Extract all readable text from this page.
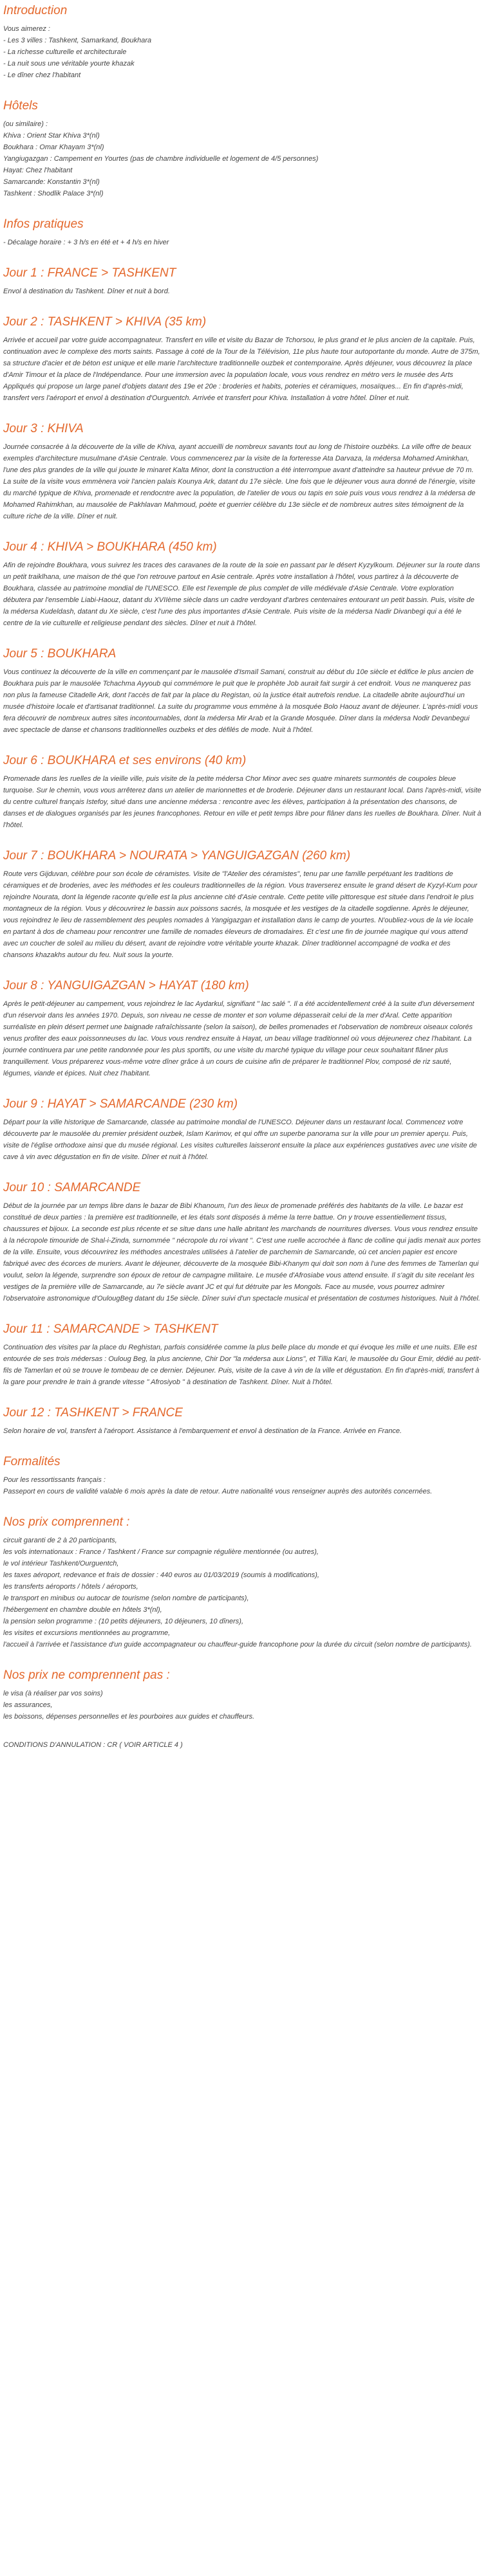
Introduction
Vous aimerez :
- Les 3 villes : Tashkent, Samarkand, Boukhara
- La richesse culturelle et architecturale
- La nuit sous une véritable yourte khazak
- Le dîner chez l'habitant
Hôtels
(ou similaire) :
Khiva : Orient Star Khiva 3*(nl)
Boukhara : Omar Khayam 3*(nl)
Yangiugazgan : Campement en Yourtes (pas de chambre individuelle et logement de 4/5 personnes)
Hayat: Chez l'habitant
Samarcande: Konstantin 3*(nl)
Tashkent : Shodlik Palace 3*(nl)
Infos pratiques
- Décalage horaire : + 3 h/s en été et + 4 h/s en hiver
Jour 1 : FRANCE > TASHKENT

Envol à destination du Tashkent. Dîner et nuit à bord.

Jour 2 : TASHKENT > KHIVA (35 km)

Arrivée et accueil par votre guide accompagnateur. Transfert en ville et visite du Bazar de Tchorsou, le plus grand et le plus ancien de la capitale. Puis, continuation avec le complexe des morts saints. Passage à coté de la Tour de la Télévision, 11e plus haute tour autoportante du monde. Autre de 375m, sa structure d'acier et de béton est unique et elle marie l'architecture traditionnelle ouzbek et contemporaine. Après déjeuner, vous découvrez la place d'Amir Timour et la place de l'Indépendance. Pour une immersion avec la population locale, vous vous rendrez en métro vers le musée des Arts Appliqués qui propose un large panel d'objets datant des 19e et 20e : broderies et habits, poteries et céramiques, mosaïques... En fin d'après-midi, transfert vers l'aéroport et envol à destination d'Ourguentch. Arrivée et transfert pour Khiva. Installation à votre hôtel. Dîner et nuit.

Jour 3 : KHIVA

Journée consacrée à la découverte de la ville de Khiva, ayant accueilli de nombreux savants tout au long de l'histoire ouzbèks. La ville offre de beaux exemples d'architecture musulmane d'Asie Centrale. Vous commencerez par la visite de la forteresse Ata Darvaza, la médersa Mohamed Aminkhan, l'une des plus grandes de la ville qui jouxte le minaret Kalta Minor, dont la construction a été interrompue avant d'atteindre sa hauteur prévue de 70 m.
La suite de la visite vous emmènera voir l'ancien palais Kounya Ark, datant du 17e siècle. Une fois que le déjeuner vous aura donné de l'énergie, visite du marché typique de Khiva, promenade et rendocntre avec la population, de l'atelier de vous ou tapis en soie puis vous vous rendrez à la médersa de Mohamed Rahimkhan, au mausolée de Pakhlavan Mahmoud, poète et guerrier célèbre du 13e siècle et de nombreux autres sites témoignent de la culture riche de la ville. Dîner et nuit.

Jour 4 : KHIVA > BOUKHARA (450 km)

Afin de rejoindre Boukhara, vous suivrez les traces des caravanes de la route de la soie en passant par le désert Kyzylkoum. Déjeuner sur la route dans un petit traiklhana, une maison de thé que l'on retrouve partout en Asie centrale. Après votre installation à l'hôtel, vous partirez à la découverte de Boukhara, classée au patrimoine mondial de l'UNESCO. Elle est l'exemple de plus complet de ville médiévale d'Asie Centrale. Votre exploration débutera par l'ensemble Liabi-Haouz, datant du XVIIème siècle dans un cadre verdoyant d'arbres centenaires entourant un petit bassin. Puis, visite de la médersa Kudeldash, datant du Xe siècle, c'est l'une des plus importantes d'Asie Centrale. Puis visite de la médersa Nadir Divanbegi qui a été le centre de la vie culturelle et religieuse pendant des siècles. Dîner et nuit à l'hôtel.

Jour 5 : BOUKHARA

Vous continuez la découverte de la ville en commençant par le mausolée d'Ismaïl Samani, construit au début du 10e siècle et édifice le plus ancien de Boukhara puis par le mausolée Tchachma Ayyoub qui commémore le puit que le prophète Job aurait fait surgir à cet endroit. Vous ne manquerez pas non plus la fameuse Citadelle Ark, dont l'accès de fait par la place du Registan, où la justice était autrefois rendue. La citadelle abrite aujourd'hui un musée d'histoire locale et d'artisanat traditionnel. La suite du programme vous emmène à la mosquée Bolo Haouz avant de déjeuner. L'après-midi vous fera découvrir de nombreux autres sites incontournables, dont la médersa Mir Arab et la Grande Mosquée. Dîner dans la médersa Nodir Devanbegui avec spectacle de danse et chansons traditionnelles ouzbeks et des défilés de mode. Nuit à l'hôtel.

Jour 6 : BOUKHARA et ses environs (40 km)

Promenade dans les ruelles de la vieille ville, puis visite de la petite médersa Chor Minor avec ses quatre minarets surmontés de coupoles bleue turquoise. Sur le chemin, vous vous arrêterez dans un atelier de marionnettes et de broderie. Déjeuner dans un restaurant local. Dans l'après-midi, visite du centre culturel français Istefoy, situé dans une ancienne médersa : rencontre avec les élèves, participation à la présentation des chansons, de danses et de dialogues organisés par les jeunes francophones. Retour en ville et petit temps libre pour flâner dans les ruelles de Boukhara. Dîner. Nuit à l'hôtel.

Jour 7 : BOUKHARA > NOURATA > YANGUIGAZGAN (260 km)

Route vers Gijduvan, célèbre pour son école de céramistes. Visite de "l'Atelier des céramistes", tenu par une famille perpétuant les traditions de céramiques et de broderies, avec les méthodes et les couleurs traditionnelles de la région. Vous traverserez ensuite le grand désert de Kyzyl-Kum pour rejoindre Nourata, dont la légende raconte qu'elle est la plus ancienne cité d'Asie centrale. Cette petite ville pittoresque est située dans l'endroit le plus montagneux de la région. Vous y découvrirez le bassin aux poissons sacrés, la mosquée et les vestiges de la citadelle sogdienne. Après le déjeuner, vous rejoindrez le lieu de rassemblement des peuples nomades à Yangigazgan et installation dans le camp de yourtes. N'oubliez-vous de la vie locale en partant à dos de chameau pour rencontrer une famille de nomades éleveurs de dromadaires. Et c'est une fin de journée magique qui vous attend avec un coucher de soleil au milieu du désert, avant de rejoindre votre véritable yourte khazak. Dîner traditionnel accompagné de vodka et des chansons khazakhs autour du feu. Nuit sous la yourte.

Jour 8 : YANGUIGAZGAN > HAYAT (180 km)

Après le petit-déjeuner au campement, vous rejoindrez le lac Aydarkul, signifiant " lac salé ". Il a été accidentellement créé à la suite d'un déversement d'un réservoir dans les années 1970. Depuis, son niveau ne cesse de monter et son volume dépasserait celui de la mer d'Aral. Cette apparition surréaliste en plein désert permet une baignade rafraîchissante (selon la saison), de belles promenades et l'observation de nombreux oiseaux colorés venus profiter des eaux poissonneuses du lac. Vous vous rendrez ensuite à Hayat, un beau village traditionnel où vous déjeunerez chez l'habitant. La journée continuera par une petite randonnée pour les plus sportifs, ou une visite du marché typique du village pour ceux souhaitant flâner plus tranquillement. Vous préparerez vous-même votre dîner grâce à un cours de cuisine afin de préparer le traditionnel Plov, composé de riz sauté, légumes, viande et épices. Nuit chez l'habitant.

Jour 9 : HAYAT > SAMARCANDE (230 km)

Départ pour la ville historique de Samarcande, classée au patrimoine mondial de l'UNESCO. Déjeuner dans un restaurant local. Commencez votre découverte par le mausolée du premier président ouzbek, Islam Karimov, et qui offre un superbe panorama sur la ville pour un premier aperçu. Puis, visite de l'église orthodoxe ainsi que du musée régional. Les visites culturelles laisseront ensuite la place aux expériences gustatives avec une visite de cave à vin avec dégustation en fin de visite. Dîner et nuit à l'hôtel.

Jour 10 : SAMARCANDE

Début de la journée par un temps libre dans le bazar de Bibi Khanoum, l'un des lieux de promenade préférés des habitants de la ville. Le bazar est constitué de deux parties : la première est traditionnelle, et les étals sont disposés à même la terre battue. On y trouve essentiellement tissus, chaussures et bijoux. La seconde est plus récente et se situe dans une halle abritant les marchands de nourritures diverses. Vous vous rendrez ensuite à la nécropole timouride de Shal-i-Zinda, surnommée " nécropole du roi vivant ". C'est une ruelle accrochée à flanc de colline qui jadis menait aux portes de la ville. Ensuite, vous découvrirez les méthodes ancestrales utilisées à l'atelier de parchemin de Samarcande, où cet ancien papier est encore fabriqué avec des écorces de muriers. Avant le déjeuner, découverte de la mosquée Bibi-Khanym qui doit son nom à l'une des femmes de Tamerlan qui voulut, selon la légende, surprendre son époux de retour de campagne militaire. Le musée d'Afrosiabe vous attend ensuite. Il s'agit du site recelant les vestiges de la première ville de Samarcande, au 7e siècle avant JC et qui fut détruite par les Mongols. Face au musée, vous pourrez admirer l'observatoire astronomique d'OulougBeg datant du 15e siècle. Dîner suivi d'un spectacle musical et présentation de costumes historiques. Nuit à l'hôtel.

Jour 11 : SAMARCANDE > TASHKENT

Continuation des visites par la place du Reghistan, parfois considérée comme la plus belle place du monde et qui évoque les mille et une nuits. Elle est entourée de ses trois médersas : Ouloug Beg, la plus ancienne, Chir Dor "la médersa aux Lions", et Tillia Kari, le mausolée du Gour Emir, dédié au petit-fils de Tamerlan et où se trouve le tombeau de ce dernier. Déjeuner. Puis, visite de la cave à vin de la ville et dégustation. En fin d'après-midi, transfert à la gare pour prendre le train à grande vitesse " Afrosiyob " à destination de Tashkent. Dîner. Nuit à l'hôtel.

Jour 12 : TASHKENT > FRANCE

Selon horaire de vol, transfert à l'aéroport. Assistance à l'embarquement et envol à destination de la France. Arrivée en France.

Formalités
Pour les ressortissants français :
Passeport en cours de validité valable 6 mois après la date de retour. Autre nationalité vous renseigner auprès des autorités concernées.
Nos prix comprennent :
circuit garanti de 2 à 20 participants,
les vols internationaux : France / Tashkent / France sur compagnie régulière mentionnée (ou autres),
le vol intérieur Tashkent/Ourguentch,
les taxes aéroport, redevance et frais de dossier : 440 euros au 01/03/2019 (soumis à modifications),
les transferts aéroports / hôtels / aéroports,
le transport en minibus ou autocar de tourisme (selon nombre de participants),
l'hébergement en chambre double en hôtels 3*(nl),
la pension selon programme : (10 petits déjeuners, 10 déjeuners, 10 dîners),
les visites et excursions mentionnées au programme,
l'accueil à l'arrivée et l'assistance d'un guide accompagnateur ou chauffeur-guide francophone pour la durée du circuit (selon nombre de participants).
Nos prix ne comprennent pas :
le visa (à réaliser par vos soins)
les assurances,
les boissons, dépenses personnelles et les pourboires aux guides et chauffeurs.
CONDITIONS D'ANNULATION : CR ( VOIR ARTICLE 4 )
